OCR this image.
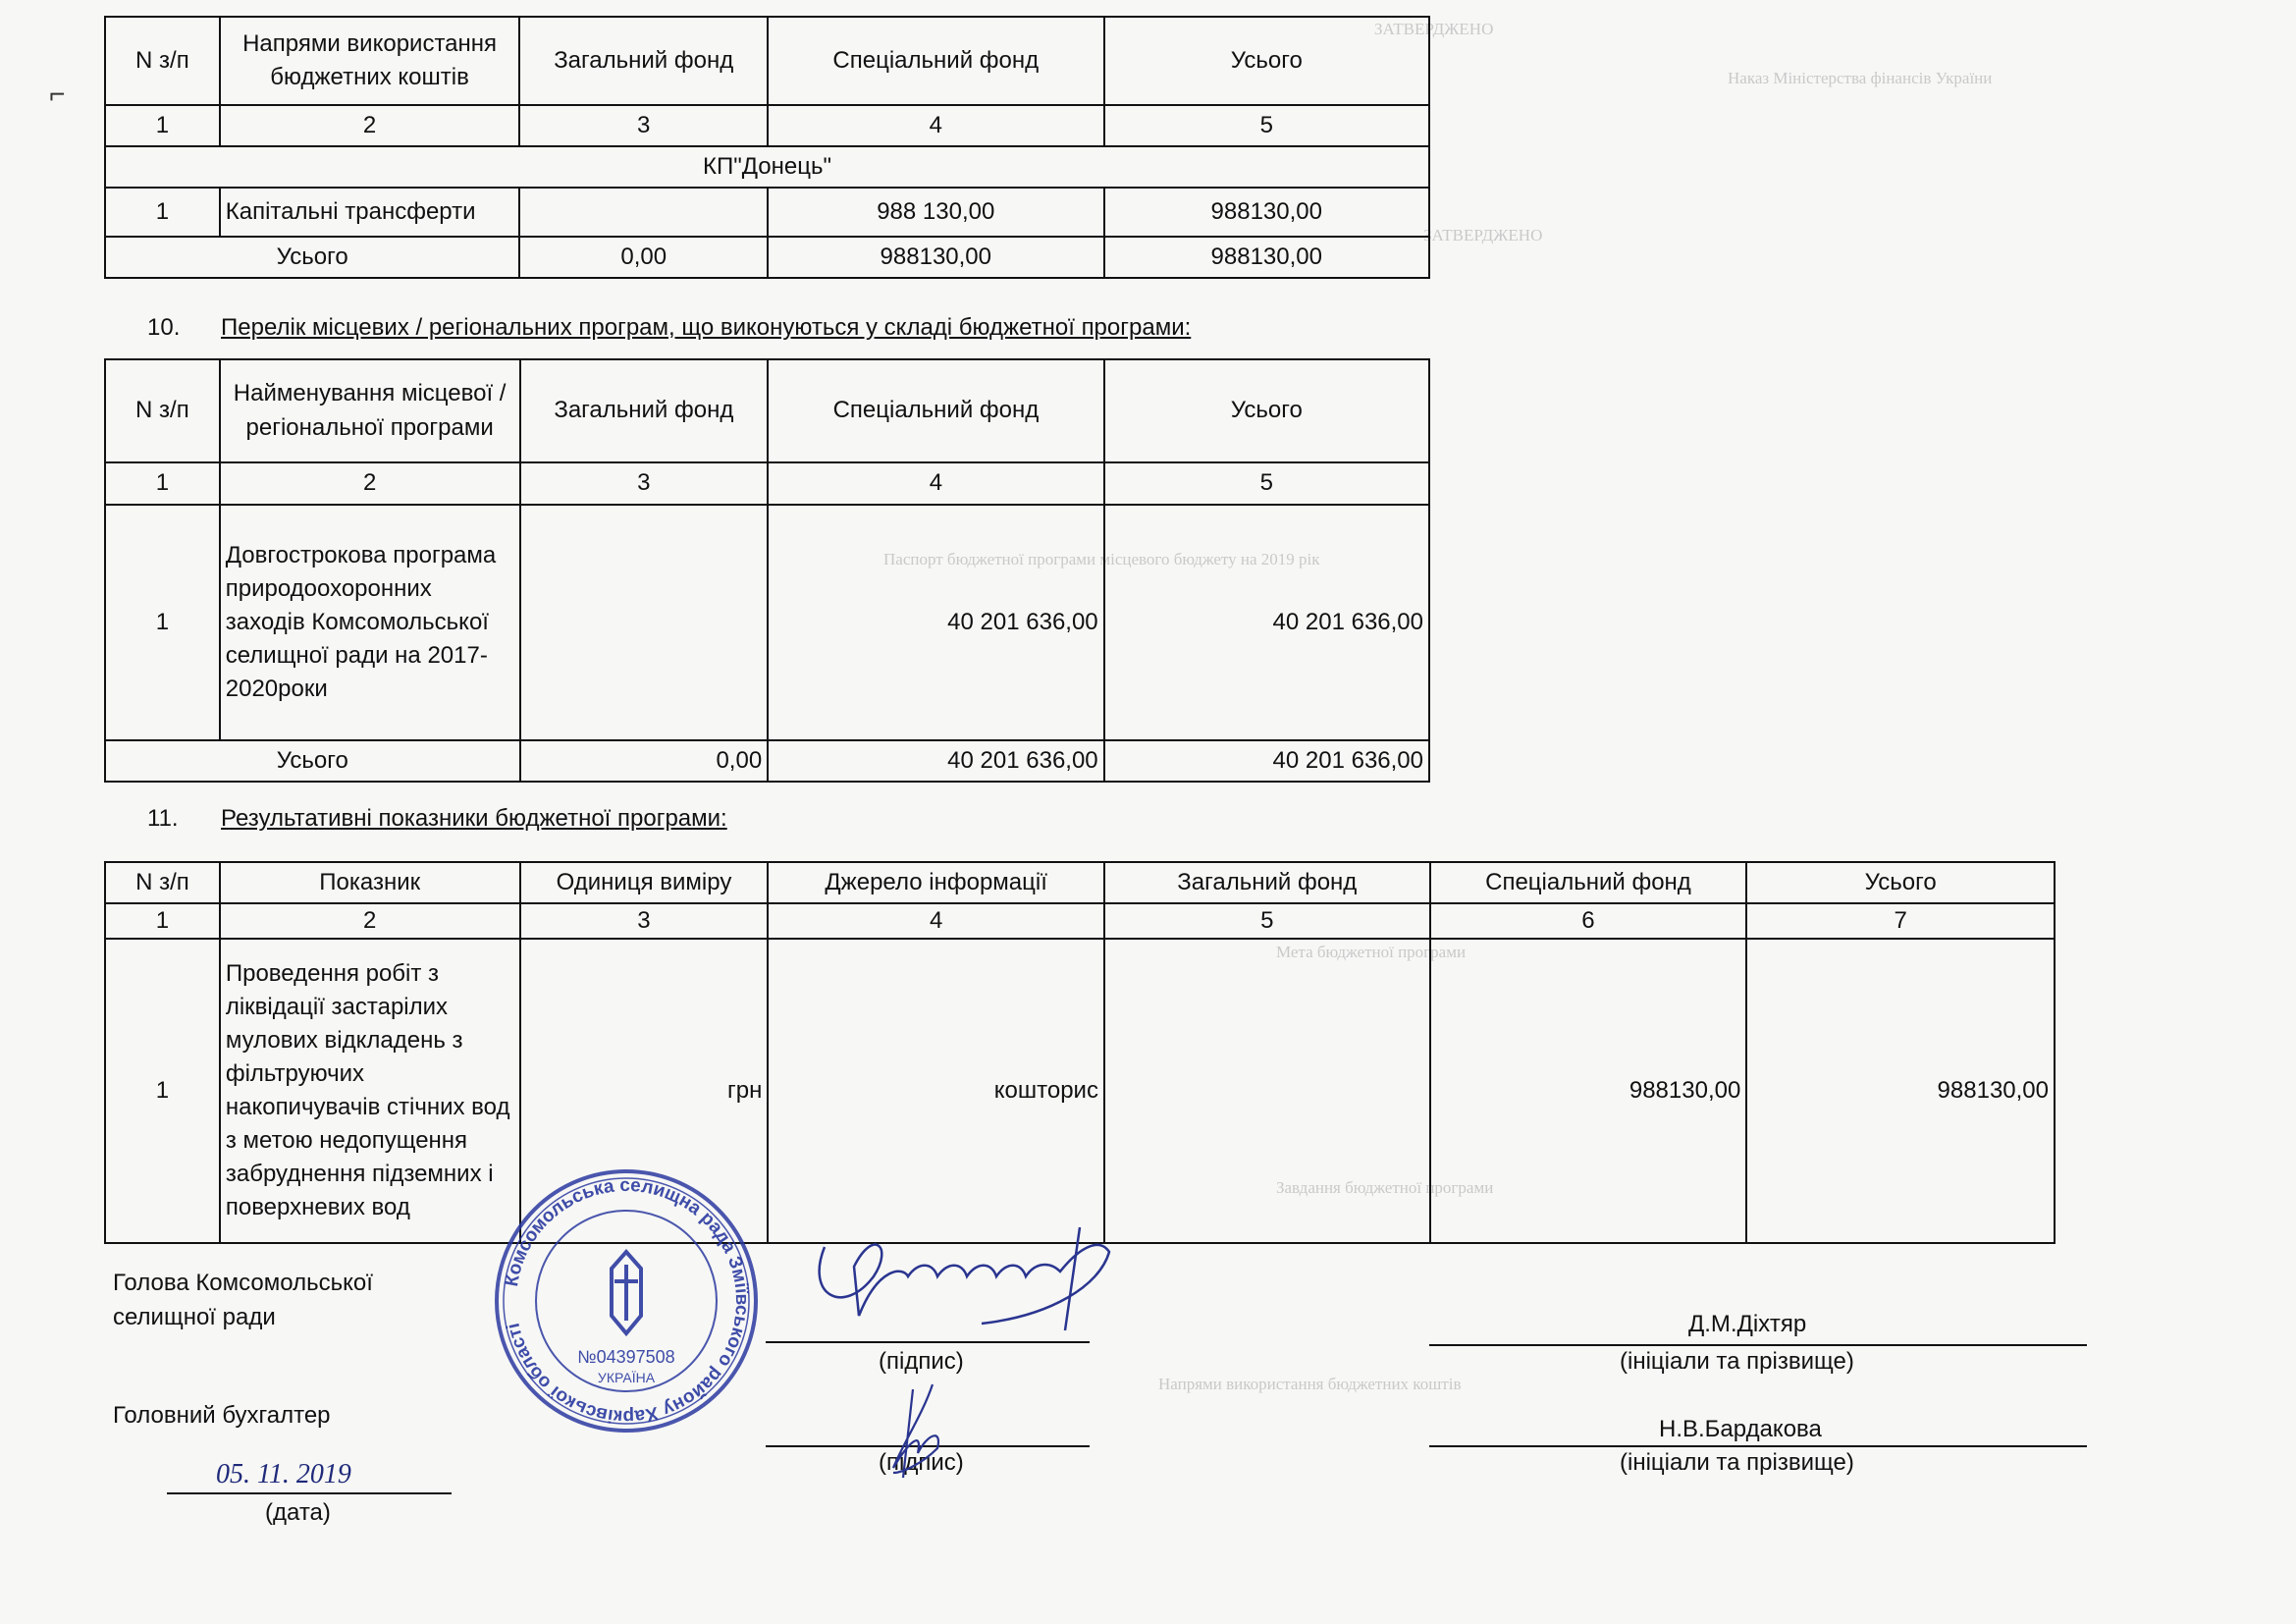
ЗАТВЕРДЖЕНО
Наказ Міністерства фінансів України
ЗАТВЕРДЖЕНО
Паспорт бюджетної програми місцевого бюджету на 2019 рік
Мета бюджетної програми
Завдання бюджетної програми
Напрями використання бюджетних коштів
⌐
N з/п	Напрями використання бюджетних коштів	Загальний фонд	Спеціальний фонд	Усього
1	2	3	4	5
КП"Донець"				
1	Капітальні трансферти		988 130,00	988130,00
Усього		0,00	988130,00	988130,00
10. Перелік місцевих / регіональних програм, що виконуються у складі бюджетної програми:
N з/п	Найменування місцевої / регіональної програми	Загальний фонд	Спеціальний фонд	Усього
1	2	3	4	5
1	Довгострокова програма природоохоронних заходів Комсомольської селищної ради на 2017-2020роки		40 201 636,00	40 201 636,00
Усього		0,00	40 201 636,00	40 201 636,00
11. Результативні показники бюджетної програми:
N з/п	Показник	Одиниця виміру	Джерело інформації	Загальний фонд	Спеціальний фонд	Усього
1	2	3	4	5	6	7
1	Проведення робіт з ліквідації застарілих мулових відкладень з фільтруючих накопичувачів стічних вод з метою недопущення забруднення підземних і поверхневих вод	грн	кошторис		988130,00	988130,00
Голова Комсомольської селищної ради
(підпис)
Д.М.Діхтяр
(ініціали та прізвище)
Головний бухгалтер
(підпис)
Н.В.Бардакова
(ініціали та прізвище)
05. 11. 2019
(дата)
Комсомольська селищна рада Зміївського району Харківської області
№04397508
УКРАЇНА
